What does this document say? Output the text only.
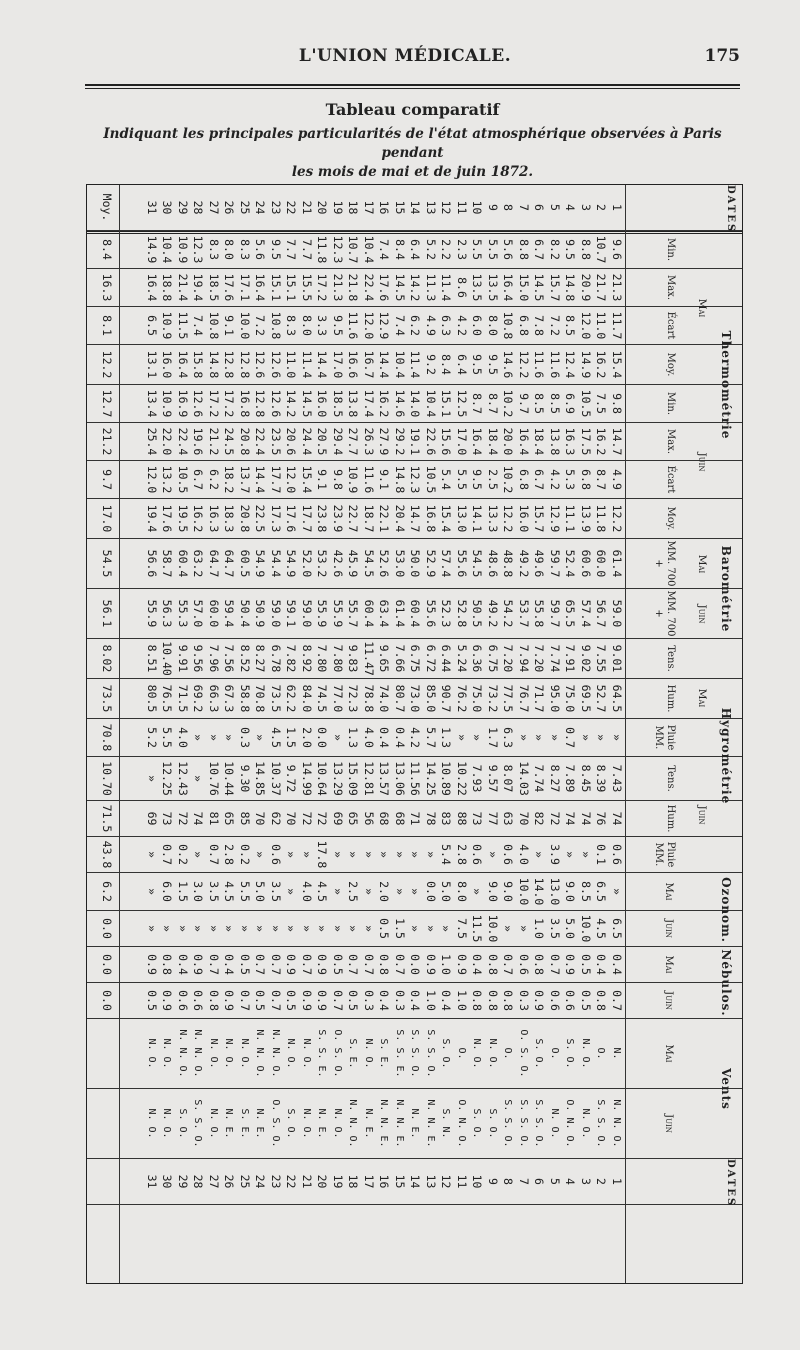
L'UNION MÉDICALE.	175
Tableau comparatif
Indiquant les principales particularités de l'état atmosphérique observées à Paris pendant
les mois de mai et de juin 1872.
DATES
1
2
3
4
5
6
7
8
9
10
11
12
13
14
15
16
17
18
19
20
21
22
23
24
25
26
27
28
29
30
31
Moy.
Min.
9.6
10.7
8.8
9.5
8.2
6.7
8.8
5.6
5.5
5.5
2.3
2.2
5.2
6.4
8.4
7.4
10.4
10.7
12.3
11.8
7.7
7.7
9.5
5.6
8.3
8.0
8.3
12.3
10.9
10.4
14.9
8.4
Max.
21.3
21.7
20.9
14.8
15.7
14.5
15.0
16.4
13.5
13.5
8.6
11.4
11.3
14.2
14.5
17.6
22.4
21.8
21.3
17.2
15.5
15.1
15.1
16.4
17.1
17.6
18.5
19.4
21.4
18.8
16.4
16.3
Écart
11.7
11.0
12.0
8.5
7.2
7.8
6.8
10.8
8.0
6.0
4.2
6.3
4.9
6.2
7.4
12.9
12.0
11.6
9.5
3.3
8.0
8.3
10.8
7.2
10.0
9.1
10.8
7.4
11.5
10.9
6.5
8.1
Moy.
15.4
16.2
14.9
12.4
11.6
11.6
12.2
14.6
9.5
9.5
6.4
8.4
9.2
11.4
10.4
14.4
16.7
16.6
17.0
14.4
11.4
11.0
12.6
12.6
12.8
12.8
14.8
15.8
16.4
16.0
13.1
12.2
Min.
9.8
7.5
10.5
6.9
8.5
8.5
9.7
10.2
8.7
8.7
12.5
15.1
10.4
14.0
14.6
16.2
17.4
13.8
18.5
16.0
14.5
14.2
12.6
12.8
16.8
17.2
17.2
12.6
16.9
10.9
13.4
12.7
Max.
14.7
16.2
17.5
16.3
13.8
18.4
16.4
20.0
18.4
16.4
17.0
15.6
22.6
19.1
29.2
27.9
26.3
27.7
29.4
20.5
24.4
20.6
23.5
22.4
20.8
24.5
21.2
19.6
22.4
22.0
25.4
21.2
Écart
4.9
8.7
6.8
5.3
4.2
6.7
6.8
10.2
2.5
9.5
5.5
5.4
10.5
12.3
14.8
9.1
11.6
10.9
9.8
9.1
15.4
12.0
17.7
14.4
13.7
18.2
6.2
6.7
10.5
13.2
12.0
9.7
Moy.
12.2
11.8
13.9
11.1
12.9
15.7
16.0
12.2
13.3
14.1
13.0
15.4
16.8
14.7
20.4
22.1
18.7
22.7
23.9
23.8
17.7
17.6
17.3
22.5
20.8
18.3
16.3
16.2
19.5
17.6
19.4
17.0
MM. 700 +
61.4
60.0
60.6
52.4
59.7
49.6
49.2
48.8
48.6
54.5
55.6
57.4
52.9
50.0
53.0
52.6
54.5
45.9
42.6
53.2
52.0
54.9
54.4
54.9
60.5
64.7
64.7
63.2
60.4
58.7
56.6
54.5
MM. 700 +
59.0
56.7
57.4
65.5
59.7
55.8
53.7
54.2
49.2
50.5
52.8
52.3
55.6
60.4
61.4
63.4
60.4
55.7
55.9
55.9
59.0
59.1
59.0
50.9
50.4
59.4
60.0
57.0
55.3
56.3
55.9
56.1
Tens.
9.01
7.55
9.02
7.91
7.74
7.20
7.94
7.20
6.75
6.36
5.24
6.44
6.72
6.75
7.66
9.65
11.47
9.83
7.80
7.80
8.92
7.82
6.78
8.27
8.52
7.56
7.96
9.56
9.91
10.40
8.51
8.02
Hum.
64.5
52.7
69.5
75.0
95.0
71.7
76.7
77.5
73.2
75.0
76.2
90.7
85.0
73.0
80.7
74.0
78.8
72.3
77.0
74.5
84.0
62.2
73.5
70.8
58.8
67.3
66.3
69.2
71.5
76.5
80.5
73.5
Pluie MM.
»
»
»
0.7
»
»
»
6.3
1.7
»
»
1.3
5.7
4.2
0.4
0.4
4.0
1.3
»
0.0
2.0
1.5
4.5
»
0.3
»
»
»
4.0
5.5
5.2
70.8
Tens.
7.43
8.39
8.45
7.89
8.27
7.74
14.03
8.07
9.57
7.93
10.22
10.89
14.25
11.56
13.06
13.57
12.81
15.09
13.29
10.64
14.99
9.72
10.37
14.85
9.30
10.44
10.76
»
12.43
12.25
»
10.70
Hum.
74
76
74
74
72
82
70
63
77
73
88
83
78
71
68
68
56
65
69
72
72
70
62
70
85
65
81
74
72
73
69
71.5
Pluie MM.
0.6
0.1
»
»
3.9
»
4.0
0.6
»
0.6
2.8
5.4
»
»
»
»
»
»
»
17.8
»
»
0.6
»
0.2
2.8
0.7
»
0.2
0.7
»
43.8
Mai
»
6.5
8.5
9.0
13.0
14.0
10.0
9.0
9.0
»
8.0
5.0
0.0
»
»
2.0
»
2.5
»
4.5
4.0
»
3.5
5.0
5.5
4.5
3.5
3.0
1.5
6.0
»
6.2
Juin
6.5
4.5
10.0
5.0
3.5
1.0
»
»
10.0
11.5
7.5
»
»
»
1.5
0.5
»
»
»
»
»
»
»
»
»
»
»
»
»
»
»
0.0
Mai
0.4
0.4
0.5
0.9
0.7
0.8
0.6
0.7
0.8
0.4
0.9
1.0
0.9
0.0
0.7
0.8
0.7
0.7
0.5
0.9
0.7
0.9
0.7
0.7
0.5
0.4
0.7
0.9
0.4
0.8
0.9
0.0
Juin
0.7
0.8
0.5
0.6
0.6
0.9
0.3
0.8
0.8
0.8
1.0
0.4
1.0
0.4
0.3
0.4
0.3
0.5
0.7
0.9
0.9
0.5
0.7
0.5
0.7
0.9
0.8
0.6
0.6
0.9
0.5
0.0
Mai
N.
O.
N. O.
S. O.
O.
S. O.
O. S. O.
O.
N. O.
N. O.
O.
S. O.
S. S. O.
S. S. O.
S. S. E.
S. E.
N. O.
S. E.
O. S. O.
S. S. E.
N. O.
N. O.
N. N. O.
N. N. O.
N. O.
N. O.
N. O.
N. N. O.
N. N. O.
N. O.
N. O.
Juin
N. N. O.
S. S. O.
N. O.
O. N. O.
N. O.
S. S. O.
S. S. O.
S. S. O.
S. O.
S. O.
O. N. O.
S. N.
N. N. E.
N. E.
N. N. E.
N. N. E.
N. E.
N. N. O.
N. O.
N. E.
N. O.
S. O.
O. S. O.
N. E.
S. E.
N. E.
N. O.
S. S. O.
S. O.
N. O.
N. O.
DATES
1
2
3
4
5
6
7
8
9
10
11
12
13
14
15
16
17
18
19
20
21
22
23
24
25
26
27
28
29
30
31
Thermométrie
Mai
Juin
Barométrie
Mai
Juin
Hygrométrie
Mai
Juin
Ozonom.
Nébulos.
Vents
